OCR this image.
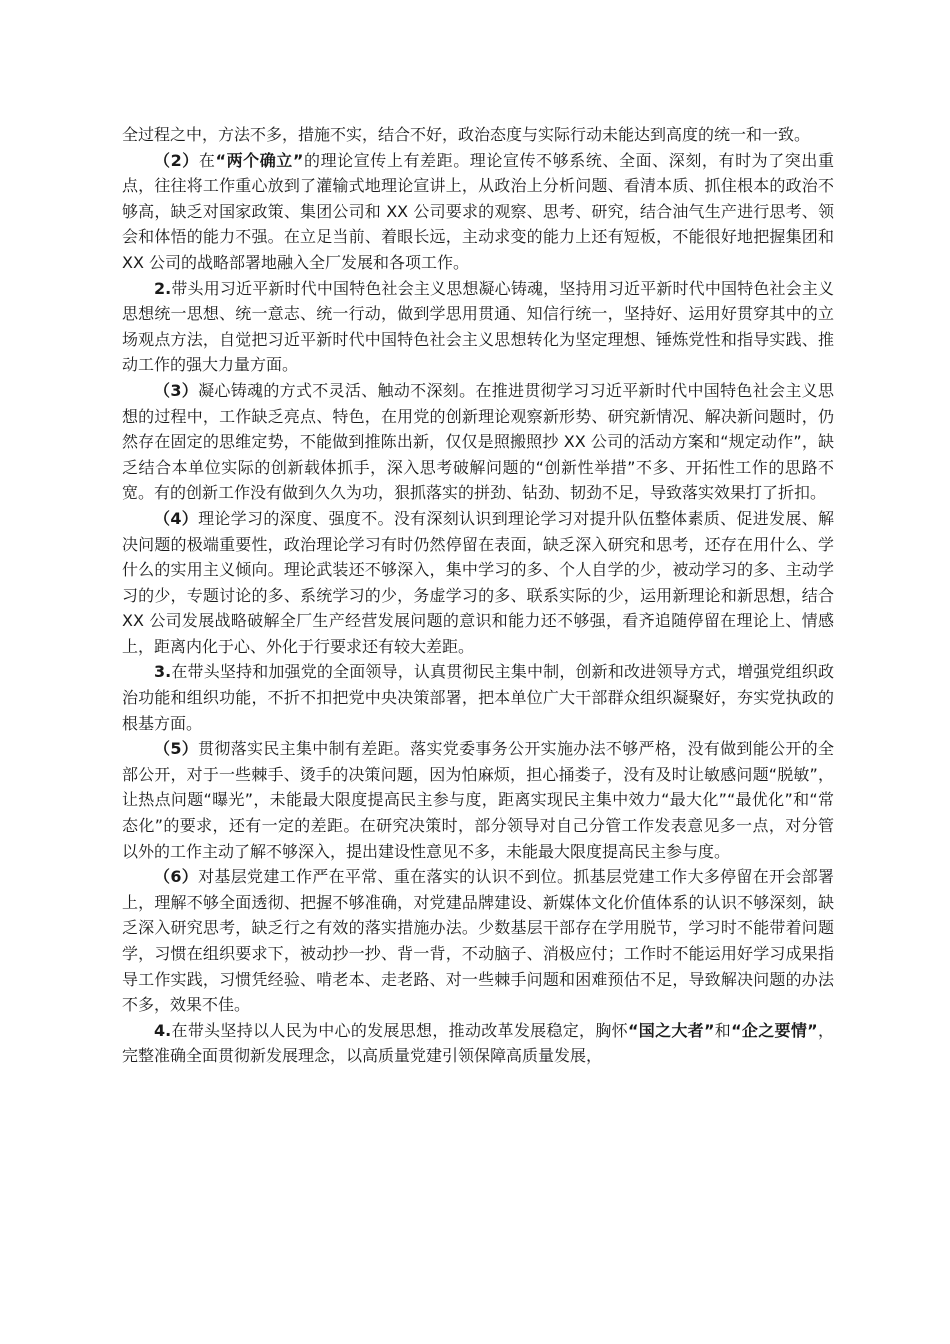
全过程之中，方法不多，措施不实，结合不好，政治态度与实际行动未能达到高度的统一和一致。

（2）在“两个确立”的理论宣传上有差距。理论宣传不够系统、全面、深刻，有时为了突出重点，往往将工作重心放到了灌输式地理论宣讲上，从政治上分析问题、看清本质、抓住根本的政治不够高，缺乏对国家政策、集团公司和 XX 公司要求的观察、思考、研究，结合油气生产进行思考、领会和体悟的能力不强。在立足当前、着眼长远，主动求变的能力上还有短板，不能很好地把握集团和 XX 公司的战略部署地融入全厂发展和各项工作。

2.带头用习近平新时代中国特色社会主义思想凝心铸魂，坚持用习近平新时代中国特色社会主义思想统一思想、统一意志、统一行动，做到学思用贯通、知信行统一，坚持好、运用好贯穿其中的立场观点方法，自觉把习近平新时代中国特色社会主义思想转化为坚定理想、锤炼党性和指导实践、推动工作的强大力量方面。

（3）凝心铸魂的方式不灵活、触动不深刻。在推进贯彻学习习近平新时代中国特色社会主义思想的过程中，工作缺乏亮点、特色，在用党的创新理论观察新形势、研究新情况、解决新问题时，仍然存在固定的思维定势，不能做到推陈出新，仅仅是照搬照抄 XX 公司的活动方案和“规定动作”，缺乏结合本单位实际的创新载体抓手，深入思考破解问题的“创新性举措”不多、开拓性工作的思路不宽。有的创新工作没有做到久久为功，狠抓落实的拼劲、钻劲、韧劲不足，导致落实效果打了折扣。

（4）理论学习的深度、强度不。没有深刻认识到理论学习对提升队伍整体素质、促进发展、解决问题的极端重要性，政治理论学习有时仍然停留在表面，缺乏深入研究和思考，还存在用什么、学什么的实用主义倾向。理论武装还不够深入，集中学习的多、个人自学的少，被动学习的多、主动学习的少，专题讨论的多、系统学习的少，务虚学习的多、联系实际的少，运用新理论和新思想，结合 XX 公司发展战略破解全厂生产经营发展问题的意识和能力还不够强，看齐追随停留在理论上、情感上，距离内化于心、外化于行要求还有较大差距。

3.在带头坚持和加强党的全面领导，认真贯彻民主集中制，创新和改进领导方式，增强党组织政治功能和组织功能，不折不扣把党中央决策部署，把本单位广大干部群众组织凝聚好，夯实党执政的根基方面。

（5）贯彻落实民主集中制有差距。落实党委事务公开实施办法不够严格，没有做到能公开的全部公开，对于一些棘手、烫手的决策问题，因为怕麻烦，担心捅娄子，没有及时让敏感问题“脱敏”，让热点问题“曝光”，未能最大限度提高民主参与度，距离实现民主集中效力“最大化”“最优化”和“常态化”的要求，还有一定的差距。在研究决策时，部分领导对自己分管工作发表意见多一点，对分管以外的工作主动了解不够深入，提出建设性意见不多，未能最大限度提高民主参与度。

（6）对基层党建工作严在平常、重在落实的认识不到位。抓基层党建工作大多停留在开会部署上，理解不够全面透彻、把握不够准确，对党建品牌建设、新媒体文化价值体系的认识不够深刻，缺乏深入研究思考，缺乏行之有效的落实措施办法。少数基层干部存在学用脱节，学习时不能带着问题学，习惯在组织要求下，被动抄一抄、背一背，不动脑子、消极应付；工作时不能运用好学习成果指导工作实践，习惯凭经验、啃老本、走老路、对一些棘手问题和困难预估不足，导致解决问题的办法不多，效果不佳。

4.在带头坚持以人民为中心的发展思想，推动改革发展稳定，胸怀“国之大者”和“企之要情”，完整准确全面贯彻新发展理念，以高质量党建引领保障高质量发展，
